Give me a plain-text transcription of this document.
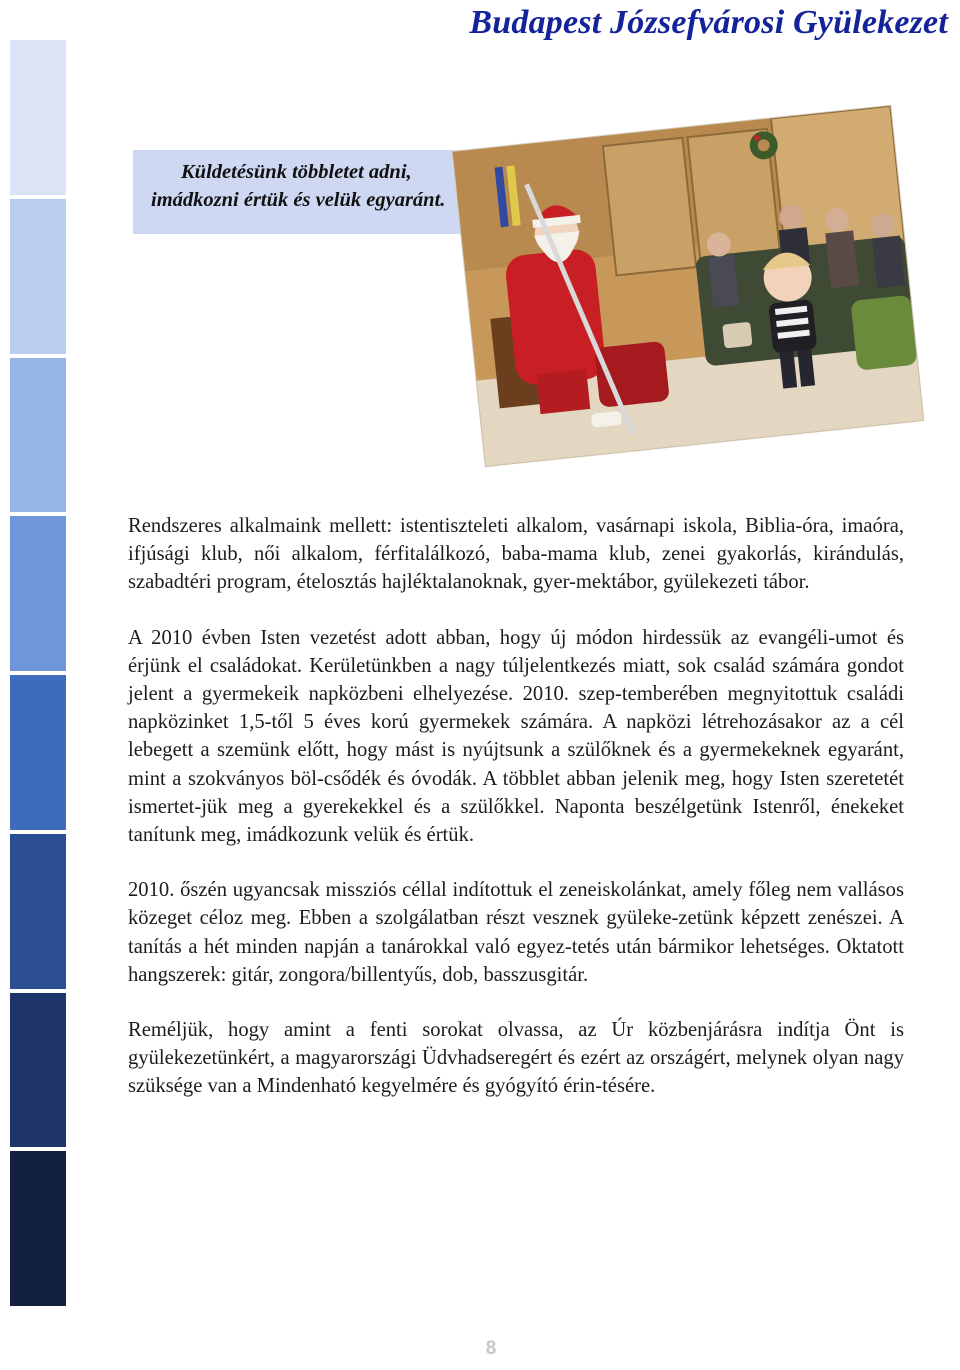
Budapest Józsefvárosi Gyülekezet
Küldetésünk többletet adni,
imádkozni értük és velük egyaránt.

Rendszeres alkalmaink mellett: istentiszteleti alkalom, vasárnapi iskola, Biblia-óra, imaóra, ifjúsági klub, női alkalom, férfitalálkozó, baba-mama klub, zenei gyakorlás, kirándulás, szabadtéri program, ételosztás hajléktalanoknak, gyer-mektábor, gyülekezeti tábor.

A 2010 évben Isten vezetést adott abban, hogy új módon hirdessük az evangéli-umot és érjünk el családokat. Kerületünkben a nagy túljelentkezés miatt, sok család számára gondot jelent a gyermekeik napközbeni elhelyezése. 2010. szep-temberében megnyitottuk családi napközinket 1,5-től 5 éves korú gyermekek számára. A napközi létrehozásakor az a cél lebegett a szemünk előtt, hogy mást is nyújtsunk a szülőknek és a gyermekeknek egyaránt, mint a szokványos böl-csődék és óvodák. A többlet abban jelenik meg, hogy Isten szeretetét ismertet-jük meg a gyerekekkel és a szülőkkel. Naponta beszélgetünk Istenről, énekeket tanítunk meg, imádkozunk velük és értük.

2010. őszén ugyancsak missziós céllal indítottuk el zeneiskolánkat, amely főleg nem vallásos közeget céloz meg. Ebben a szolgálatban részt vesznek gyüleke-zetünk képzett zenészei. A tanítás a hét minden napján a tanárokkal való egyez-tetés után bármikor lehetséges. Oktatott hangszerek: gitár, zongora/billentyűs, dob, basszusgitár.

Reméljük, hogy amint a fenti sorokat olvassa, az Úr közbenjárásra indítja Önt is gyülekezetünkért, a magyarországi Üdvhadseregért és ezért az országért, melynek olyan nagy szüksége van a Mindenható kegyelmére és gyógyító érin-tésére.

8
